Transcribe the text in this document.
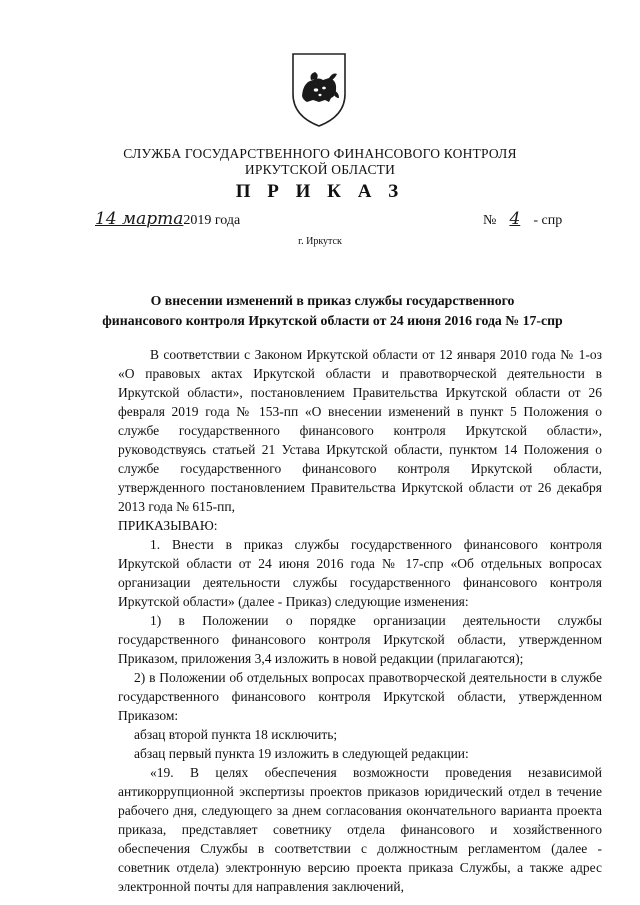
СЛУЖБА ГОСУДАРСТВЕННОГО ФИНАНСОВОГО КОНТРОЛЯ
ИРКУТСКОЙ ОБЛАСТИ
П Р И К А З
14 марта2019 года	№ 4 - спр
г. Иркутск
О внесении изменений в приказ службы государственного
финансового контроля Иркутской области от 24 июня 2016 года № 17-спр

В соответствии с Законом Иркутской области от 12 января 2010 года № 1-оз «О правовых актах Иркутской области и правотворческой деятельности в Иркутской области», постановлением Правительства Иркутской области от 26 февраля 2019 года № 153-пп «О внесении изменений в пункт 5 Положения о службе государственного финансового контроля Иркутской области», руководствуясь статьей 21 Устава Иркутской области, пунктом 14 Положения о службе государственного финансового контроля Иркутской области, утвержденного постановлением Правительства Иркутской области от 26 декабря 2013 года № 615-пп,

ПРИКАЗЫВАЮ:

1. Внести в приказ службы государственного финансового контроля Иркутской области от 24 июня 2016 года № 17-спр «Об отдельных вопросах организации деятельности службы государственного финансового контроля Иркутской области» (далее - Приказ) следующие изменения:

1) в Положении о порядке организации деятельности службы государственного финансового контроля Иркутской области, утвержденном Приказом, приложения 3,4 изложить в новой редакции (прилагаются);

2) в Положении об отдельных вопросах правотворческой деятельности в службе государственного финансового контроля Иркутской области, утвержденном Приказом:

абзац второй пункта 18 исключить;

абзац первый пункта 19 изложить в следующей редакции:

«19. В целях обеспечения возможности проведения независимой антикоррупционной экспертизы проектов приказов юридический отдел в течение рабочего дня, следующего за днем согласования окончательного варианта проекта приказа, представляет советнику отдела финансового и хозяйственного обеспечения Службы в соответствии с должностным регламентом (далее - советник отдела) электронную версию проекта приказа Службы, а также адрес электронной почты для направления заключений,
